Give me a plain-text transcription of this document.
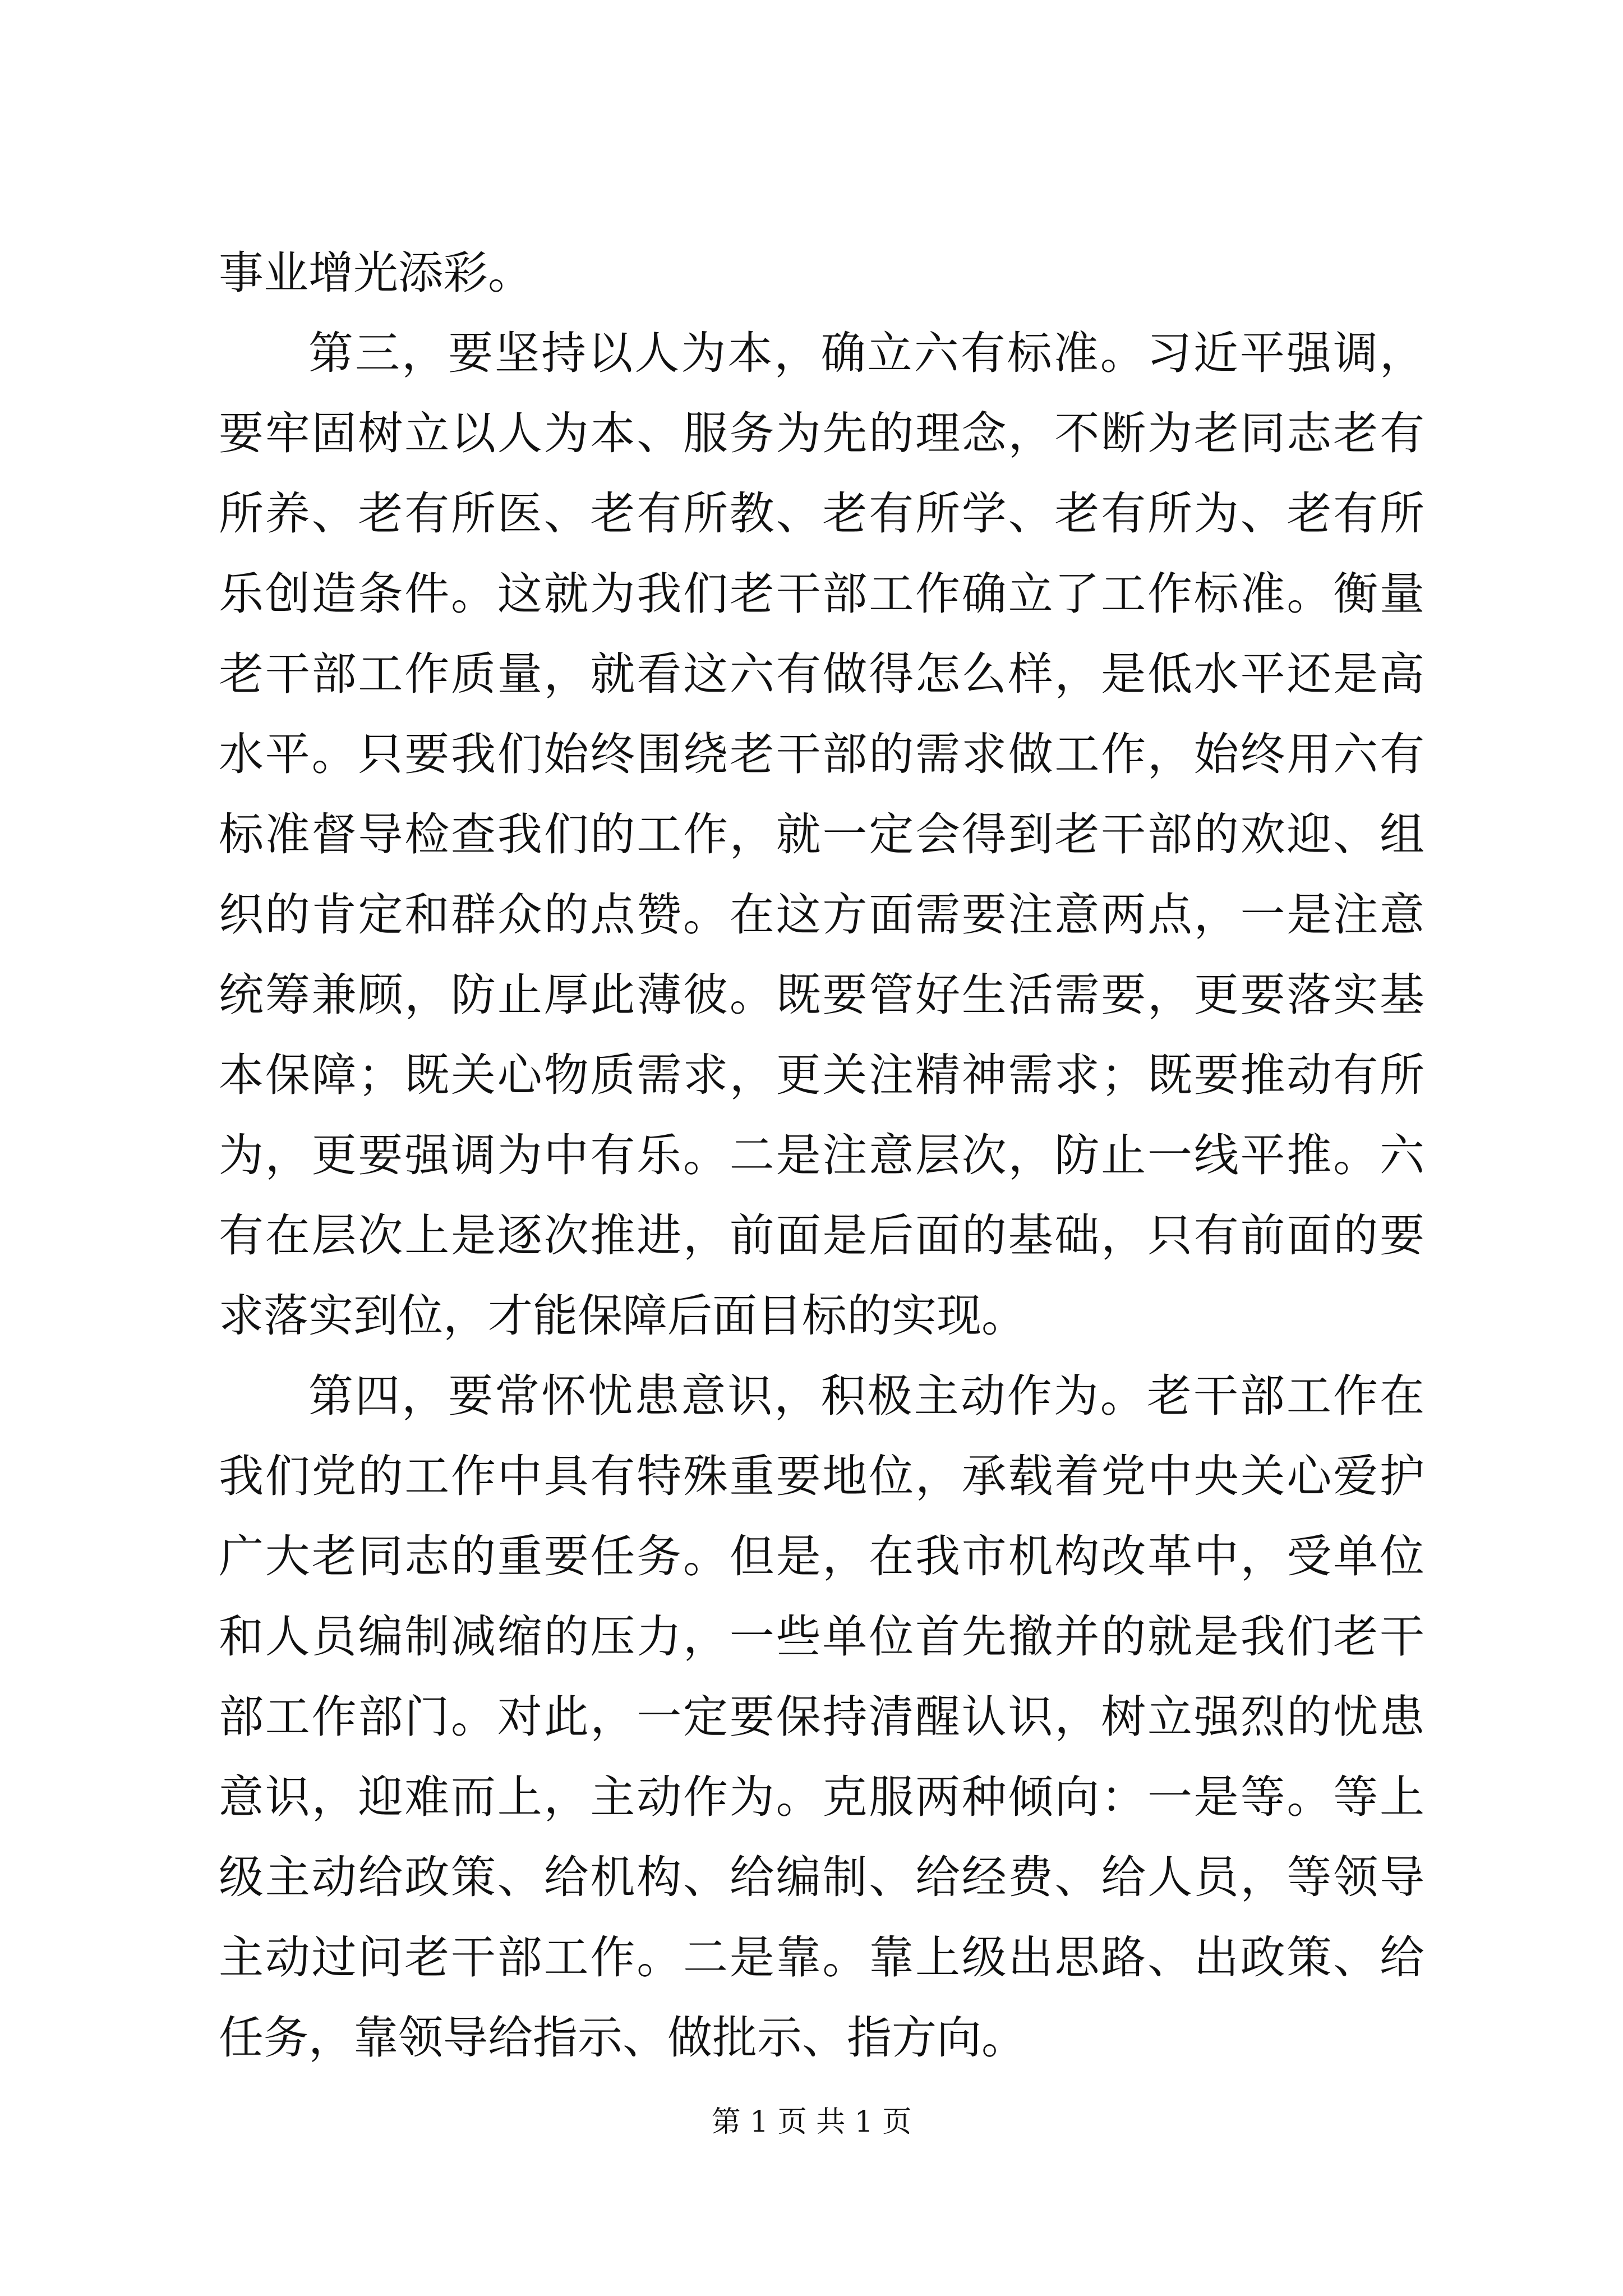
事业增光添彩。

第三，要坚持以人为本，确立六有标准。习近平强调，要牢固树立以人为本、服务为先的理念，不断为老同志老有所养、老有所医、老有所教、老有所学、老有所为、老有所乐创造条件。这就为我们老干部工作确立了工作标准。衡量老干部工作质量，就看这六有做得怎么样，是低水平还是高水平。只要我们始终围绕老干部的需求做工作，始终用六有标准督导检查我们的工作，就一定会得到老干部的欢迎、组织的肯定和群众的点赞。在这方面需要注意两点，一是注意统筹兼顾，防止厚此薄彼。既要管好生活需要，更要落实基本保障；既关心物质需求，更关注精神需求；既要推动有所为，更要强调为中有乐。二是注意层次，防止一线平推。六有在层次上是逐次推进，前面是后面的基础，只有前面的要求落实到位，才能保障后面目标的实现。

第四，要常怀忧患意识，积极主动作为。老干部工作在我们党的工作中具有特殊重要地位，承载着党中央关心爱护广大老同志的重要任务。但是，在我市机构改革中，受单位和人员编制减缩的压力，一些单位首先撤并的就是我们老干部工作部门。对此，一定要保持清醒认识，树立强烈的忧患意识，迎难而上，主动作为。克服两种倾向：一是等。等上级主动给政策、给机构、给编制、给经费、给人员，等领导主动过问老干部工作。二是靠。靠上级出思路、出政策、给任务，靠领导给指示、做批示、指方向。

第 1 页 共 1 页
